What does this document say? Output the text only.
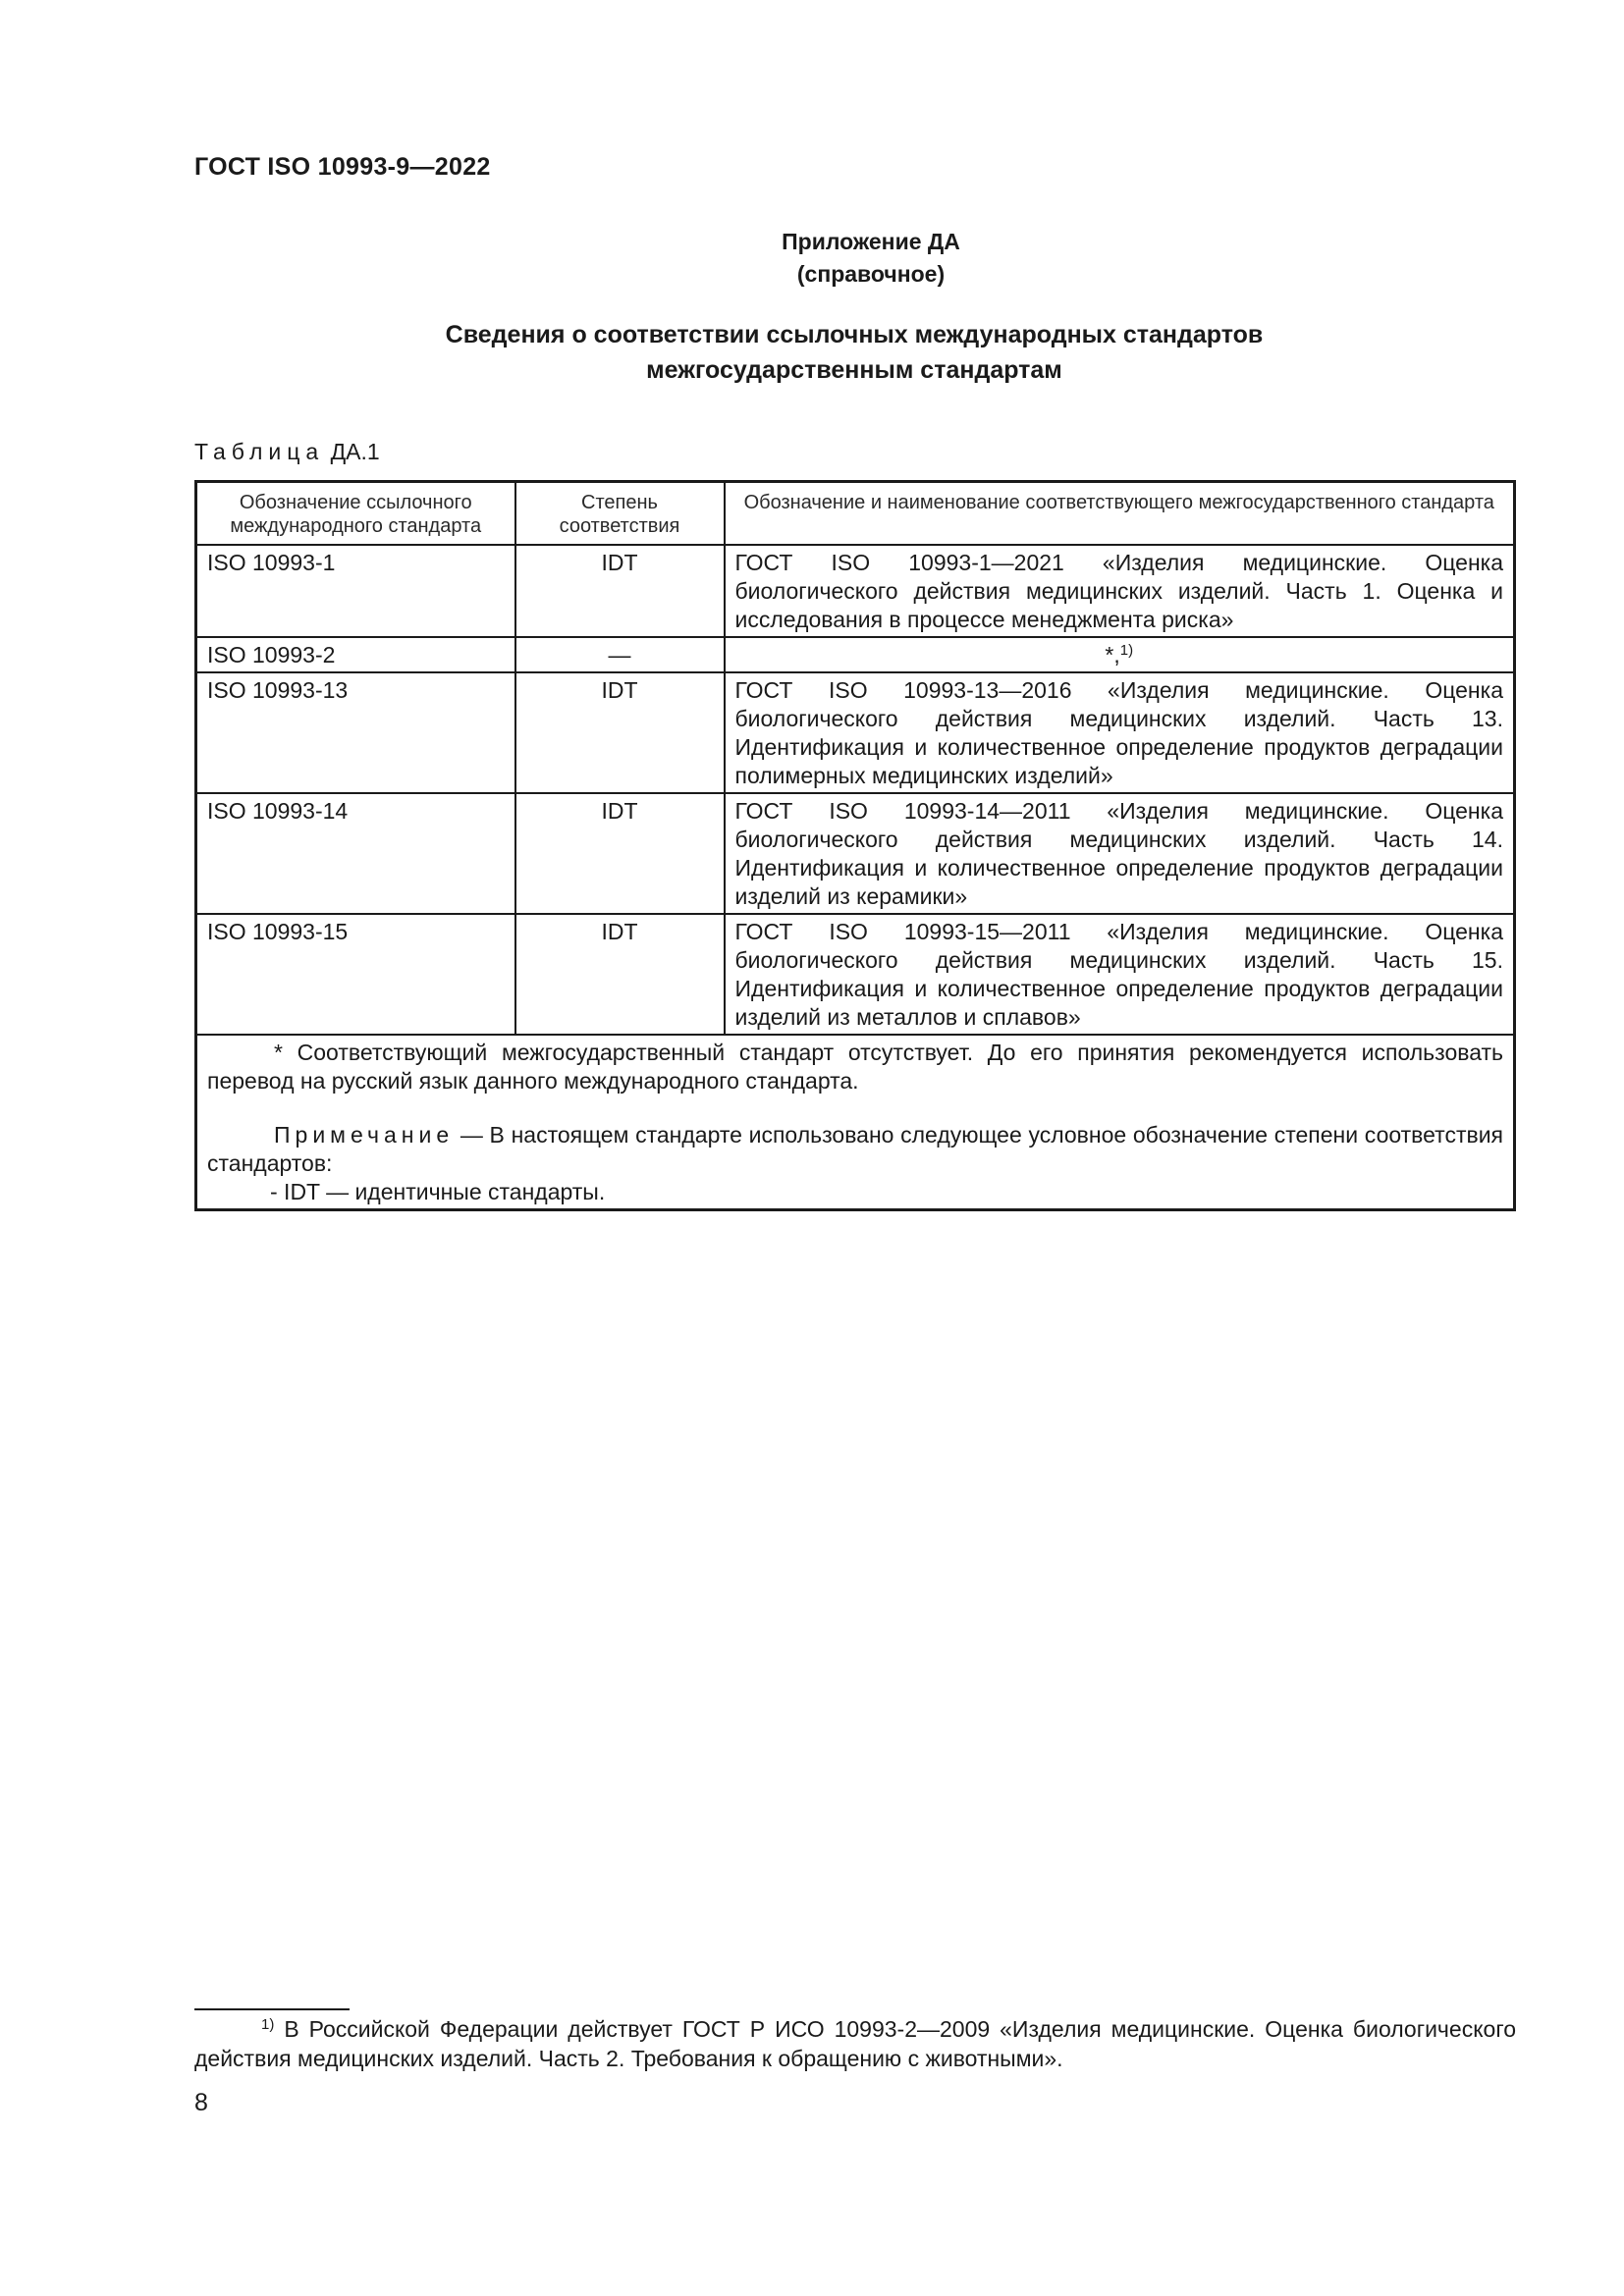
ГОСТ ISO 10993-9—2022
Приложение ДА
(справочное)
Сведения о соответствии ссылочных международных стандартов
межгосударственным стандартам
Таблица ДА.1
Обозначение ссылочного международного стандарта	Степень соответствия	Обозначение и наименование соответствующего межгосударственного стандарта
ISO 10993-1	IDT	ГОСТ ISO 10993-1—2021 «Изделия медицинские. Оценка биологического действия медицинских изделий. Часть 1. Оценка и исследования в процессе менеджмента риска»
ISO 10993-2	—	*,$^{1)}$
ISO 10993-13	IDT	ГОСТ ISO 10993-13—2016 «Изделия медицинские. Оценка биологического действия медицинских изделий. Часть 13. Идентификация и количественное определение продуктов деградации полимерных медицинских изделий»
ISO 10993-14	IDT	ГОСТ ISO 10993-14—2011 «Изделия медицинские. Оценка биологического действия медицинских изделий. Часть 14. Идентификация и количественное определение продуктов деградации изделий из керамики»
ISO 10993-15	IDT	ГОСТ ISO 10993-15—2011 «Изделия медицинские. Оценка биологического действия медицинских изделий. Часть 15. Идентификация и количественное определение продуктов деградации изделий из металлов и сплавов»

* Соответствующий межгосударственный стандарт отсутствует. До его принятия рекомендуется использовать перевод на русский язык данного международного стандарта.

Примечание — В настоящем стандарте использовано следующее условное обозначение степени соответствия стандартов:

- IDT — идентичные стандарты.		

$^{1)}$ В Российской Федерации действует ГОСТ Р ИСО 10993-2—2009 «Изделия медицинские. Оценка биологического действия медицинских изделий. Часть 2. Требования к обращению с животными».
8
